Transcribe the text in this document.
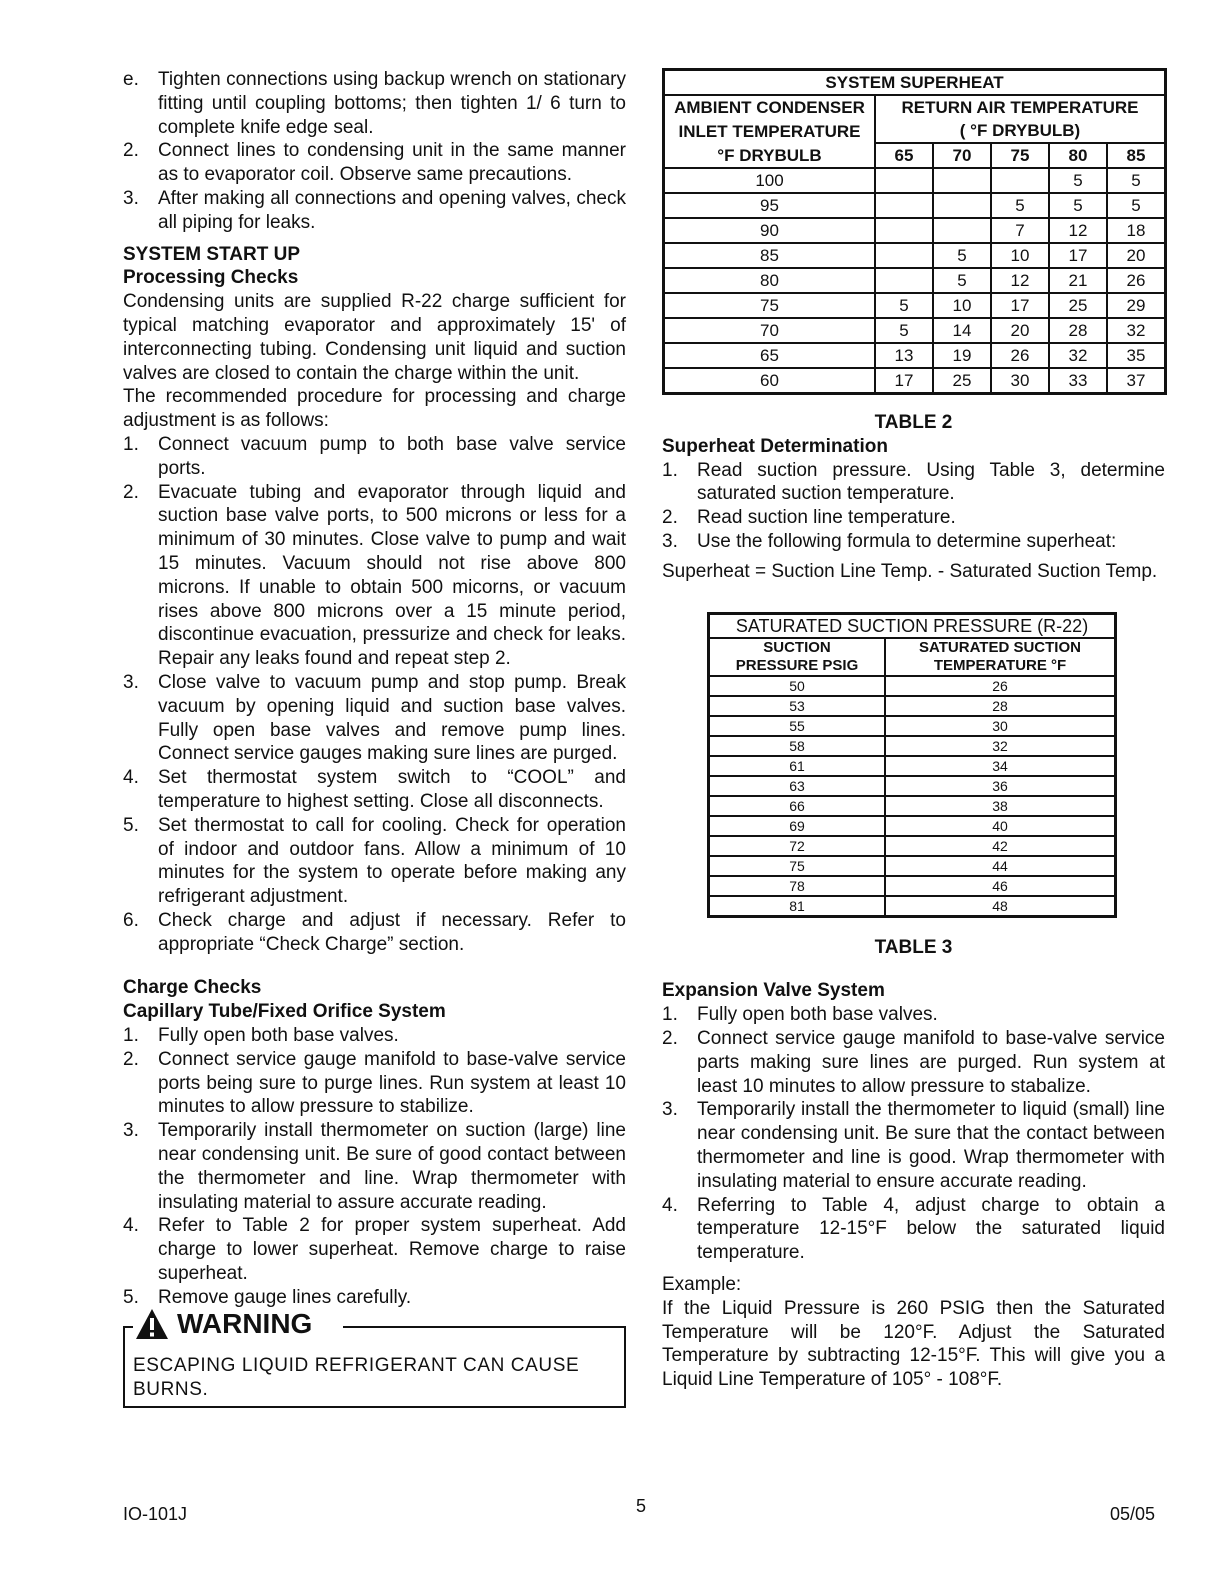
e. Tighten connections using backup wrench on stationary fitting until coupling bottoms; then tighten 1/ 6 turn to complete knife edge seal.
2. Connect lines to condensing unit in the same manner as to evaporator coil. Observe same precautions.
3. After making all connections and opening valves, check all piping for leaks.
SYSTEM START UP
Processing Checks

Condensing units are supplied R-22 charge sufficient for typical matching evaporator and approximately 15' of interconnecting tubing. Condensing unit liquid and suction valves are closed to contain the charge within the unit.

The recommended procedure for processing and charge adjustment is as follows:

1. Connect vacuum pump to both base valve service ports.
2. Evacuate tubing and evaporator through liquid and suction base valve ports, to 500 microns or less for a minimum of 30 minutes. Close valve to pump and wait 15 minutes. Vacuum should not rise above 800 microns. If unable to obtain 500 micorns, or vacuum rises above 800 microns over a 15 minute period, discontinue evacuation, pressurize and check for leaks. Repair any leaks found and repeat step 2.
3. Close valve to vacuum pump and stop pump. Break vacuum by opening liquid and suction base valves. Fully open base valves and remove pump lines. Connect service gauges making sure lines are purged.
4. Set thermostat system switch to “COOL” and temperature to highest setting. Close all disconnects.
5. Set thermostat to call for cooling. Check for operation of indoor and outdoor fans. Allow a minimum of 10 minutes for the system to operate before making any refrigerant adjustment.
6. Check charge and adjust if necessary. Refer to appropriate “Check Charge” section.
Charge Checks
Capillary Tube/Fixed Orifice System
1. Fully open both base valves.
2. Connect service gauge manifold to base-valve service ports being sure to purge lines. Run system at least 10 minutes to allow pressure to stabilize.
3. Temporarily install thermometer on suction (large) line near condensing unit. Be sure of good contact between the thermometer and line. Wrap thermometer with insulating material to assure accurate reading.
4. Refer to Table 2 for proper system superheat. Add charge to lower superheat. Remove charge to raise superheat.
5. Remove gauge lines carefully.
WARNING
ESCAPING LIQUID REFRIGERANT CAN CAUSE BURNS.
SYSTEM SUPERHEAT					
AMBIENT CONDENSER	RETURN AIR TEMPERATURE				
INLET TEMPERATURE	( °F DRYBULB)				
°F DRYBULB	65	70	75	80	85
100				5	5
95			5	5	5
90			7	12	18
85		5	10	17	20
80		5	12	21	26
75	5	10	17	25	29
70	5	14	20	28	32
65	13	19	26	32	35
60	17	25	30	33	37
TABLE 2
Superheat Determination
1. Read suction pressure. Using Table 3, determine saturated suction temperature.
2. Read suction line temperature.
3. Use the following formula to determine superheat:

Superheat = Suction Line Temp. - Saturated Suction Temp.

SATURATED SUCTION PRESSURE (R-22)	
SUCTION	SATURATED SUCTION
PRESSURE PSIG	TEMPERATURE °F
50	26
53	28
55	30
58	32
61	34
63	36
66	38
69	40
72	42
75	44
78	46
81	48
TABLE 3
Expansion Valve System
1. Fully open both base valves.
2. Connect service gauge manifold to base-valve service parts making sure lines are purged. Run system at least 10 minutes to allow pressure to stabalize.
3. Temporarily install the thermometer to liquid (small) line near condensing unit. Be sure that the contact between thermometer and line is good. Wrap thermometer with insulating material to ensure accurate reading.
4. Referring to Table 4, adjust charge to obtain a temperature 12-15°F below the saturated liquid temperature.

Example:

If the Liquid Pressure is 260 PSIG then the Saturated Temperature will be 120°F. Adjust the Saturated Temperature by subtracting 12-15°F. This will give you a Liquid Line Temperature of 105° - 108°F.

IO-101J	5	05/05
